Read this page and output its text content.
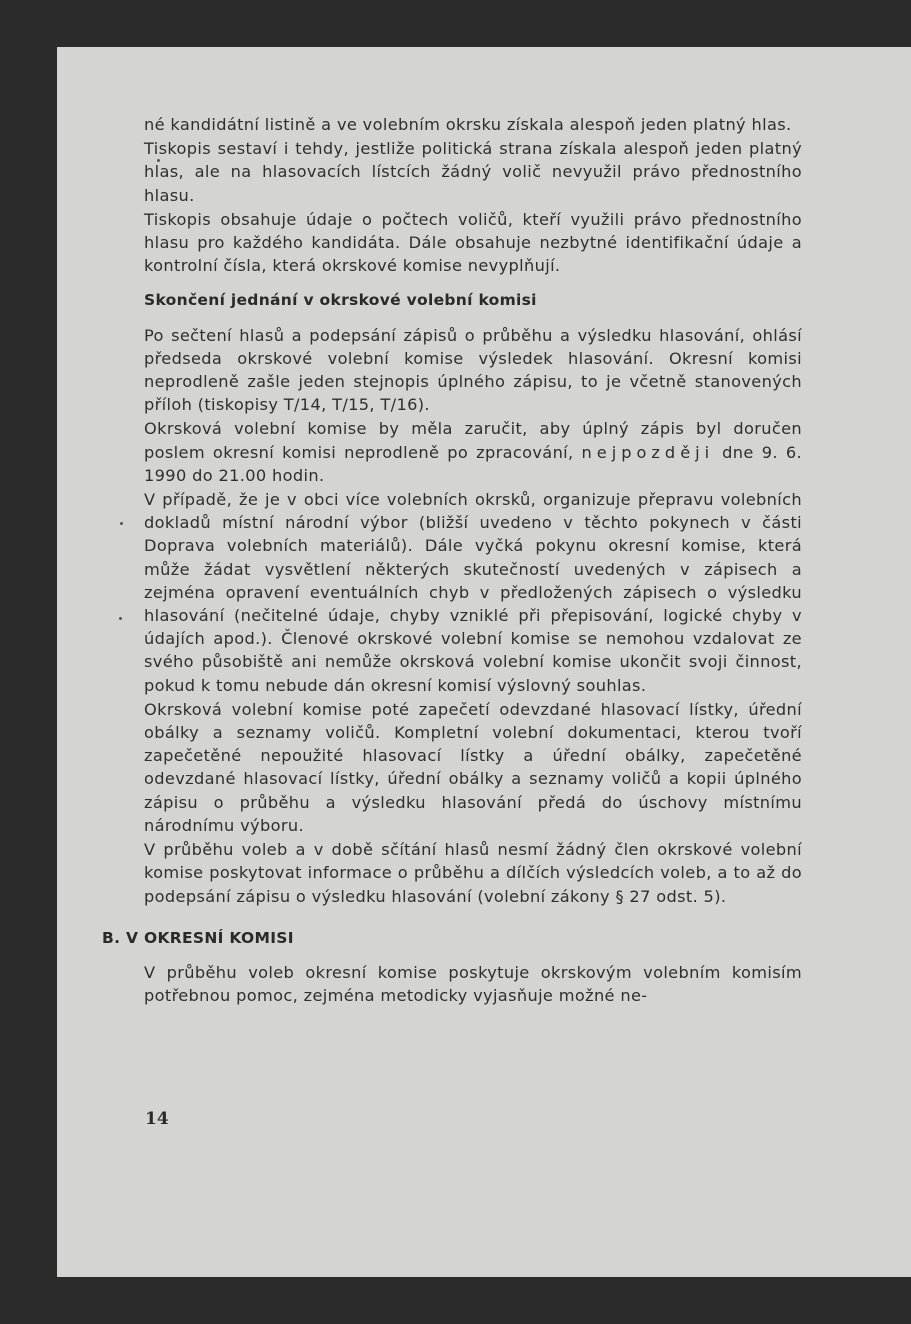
né kandidátní listině a ve volebním okrsku získala alespoň jeden platný hlas.

Tiskopis sestaví i tehdy, jestliže politická strana získala alespoň jeden platný hlas, ale na hlasovacích lístcích žádný volič nevyužil právo přednostního hlasu.

Tiskopis obsahuje údaje o počtech voličů, kteří využili právo přednostního hlasu pro každého kandidáta. Dále obsahuje nezbytné identifikační údaje a kontrolní čísla, která okrskové komise nevyplňují.

Skončení jednání v okrskové volební komisi

Po sečtení hlasů a podepsání zápisů o průběhu a výsledku hlasování, ohlásí předseda okrskové volební komise výsledek hlasování. Okresní komisi neprodleně zašle jeden stejnopis úplného zápisu, to je včetně stanovených příloh (tiskopisy T/14, T/15, T/16).

Okrsková volební komise by měla zaručit, aby úplný zápis byl doručen poslem okresní komisi neprodleně po zpracování, nejpozději dne 9. 6. 1990 do 21.00 hodin.

V případě, že je v obci více volebních okrsků, organizuje přepravu volebních dokladů místní národní výbor (bližší uvedeno v těchto pokynech v části Doprava volebních materiálů). Dále vyčká pokynu okresní komise, která může žádat vysvětlení některých skutečností uvedených v zápisech a zejména opravení eventuálních chyb v předložených zápisech o výsledku hlasování (nečitelné údaje, chyby vzniklé při přepisování, logické chyby v údajích apod.). Členové okrskové volební komise se nemohou vzdalovat ze svého působiště ani nemůže okrsková volební komise ukončit svoji činnost, pokud k tomu nebude dán okresní komisí výslovný souhlas.

Okrsková volební komise poté zapečetí odevzdané hlasovací lístky, úřední obálky a seznamy voličů. Kompletní volební dokumentaci, kterou tvoří zapečetěné nepoužité hlasovací lístky a úřední obálky, zapečetěné odevzdané hlasovací lístky, úřední obálky a seznamy voličů a kopii úplného zápisu o průběhu a výsledku hlasování předá do úschovy místnímu národnímu výboru.

V průběhu voleb a v době sčítání hlasů nesmí žádný člen okrskové volební komise poskytovat informace o průběhu a dílčích výsledcích voleb, a to až do podepsání zápisu o výsledku hlasování (volební zákony § 27 odst. 5).

B. V OKRESNÍ KOMISI

V průběhu voleb okresní komise poskytuje okrskovým volebním komisím potřebnou pomoc, zejména metodicky vyjasňuje možné ne-

14
